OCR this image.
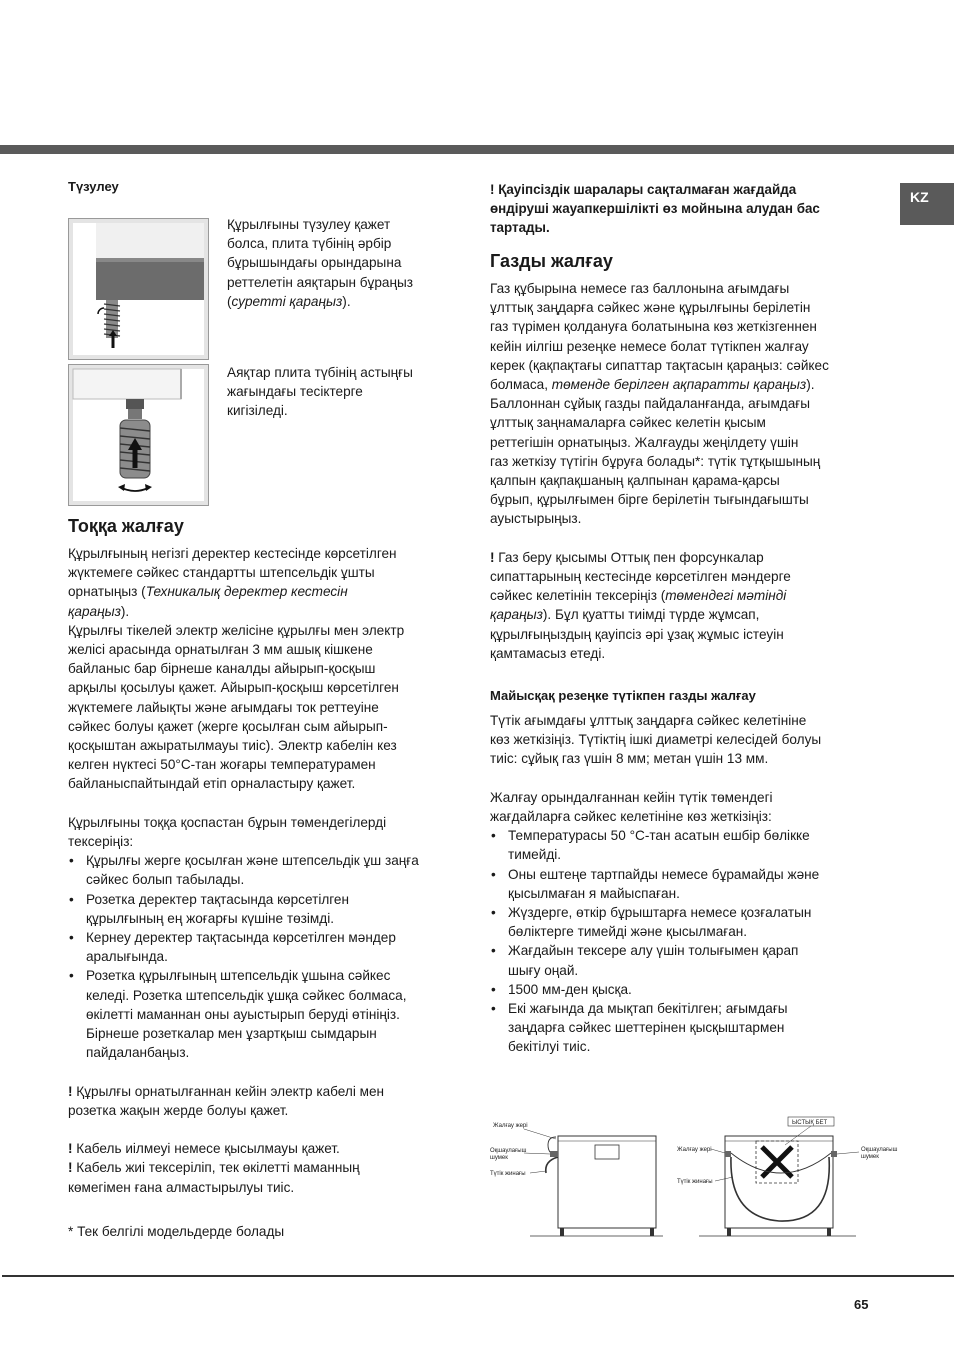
KZ
Түзулеу

Құрылғыны түзулеу қажет

болса, плита түбінің әрбір

бұрышындағы орындарына

реттелетін аяқтарын бұраңыз

(суретті қараңыз).

Аяқтар плита түбінің астыңғы

жағындағы тесіктерге

кигізіледі.

Тоққа жалғау

Құрылғының негізгі деректер кестесінде көрсетілген

жүктемеге сәйкес стандартты штепсельдік ұшты

орнатыңыз (Техникалық деректер кестесін

қараңыз).

Құрылғы тікелей электр желісіне құрылғы мен электр

желісі арасында орнатылған 3 мм ашық кішкене

байланыс бар бірнеше каналды айырып-қосқыш

арқылы қосылуы қажет. Айырып-қосқыш көрсетілген

жүктемеге лайықты және ағымдағы ток реттеуіне

сәйкес болуы қажет (жерге қосылған сым айырып-

қосқыштан ажыратылмауы тиіс). Электр кабелін кез

келген нүктесі 50°С-тан жоғары температурамен

байланыспайтындай етіп орналастыру қажет.

Құрылғыны тоққа қоспастан бұрын төмендегілерді

тексеріңіз:

• Құрылғы жерге қосылған және штепсельдік ұш заңға
сәйкес болып табылады.
• Розетка деректер тақтасында көрсетілген
құрылғының ең жоғарғы күшіне төзімді.
• Кернеу деректер тақтасында көрсетілген мәндер
аралығында.
• Розетка құрылғының штепсельдік ұшына сәйкес
келеді. Розетка штепсельдік ұшқа сәйкес болмаса,
өкілетті маманнан оны ауыстырып беруді өтініңіз.
Бірнеше розеткалар мен ұзартқыш сымдарын
пайдаланбаңыз.

! Құрылғы орнатылғаннан кейін электр кабелі мен

розетка жақын жерде болуы қажет.

! Кабель иілмеуі немесе қысылмауы қажет.

! Кабель жиі тексеріліп, тек өкілетті маманның

көмегімен ғана алмастырылуы тиіс.

* Тек белгілі модельдерде болады

! Қауіпсіздік шаралары сақталмаған жағдайда

өндіруші жауапкершілікті өз мойнына алудан бас

тартады.

Газды жалғау

Газ құбырына немесе газ баллонына ағымдағы

ұлттық заңдарға сәйкес және құрылғыны берілетін

газ түрімен қолдануға болатынына көз жеткізгеннен

кейін иілгіш резеңке немесе болат түтікпен жалғау

керек (қақпақтағы сипаттар тақтасын қараңыз: сәйкес

болмаса, төменде берілген ақпаратты қараңыз).

Баллоннан сұйық газды пайдаланғанда, ағымдағы

ұлттық заңнамаларға сәйкес келетін қысым

реттегішін орнатыңыз. Жалғауды жеңілдету үшін

газ жеткізу түтігін бұруға болады*: түтік тұтқышының

қалпын қақпақшаның қалпынан қарама-қарсы

бұрып, құрылғымен бірге берілетін тығындағышты

ауыстырыңыз.

! Газ беру қысымы Оттық пен форсункалар

сипаттарының кестесінде көрсетілген мәндерге

сәйкес келетінін тексеріңіз (төмендегі мәтінді

қараңыз). Бұл қуатты тиімді түрде жұмсап,

құрылғыңыздың қауіпсіз әрі ұзақ жұмыс істеуін

қамтамасыз етеді.

Майысқақ резеңке түтікпен газды жалғау

Түтік ағымдағы ұлттық заңдарға сәйкес келетініне

көз жеткізіңіз. Түтіктің ішкі диаметрі келесідей болуы

тиіс: сұйық газ үшін 8 мм; метан үшін 13 мм.

Жалғау орындалғаннан кейін түтік төмендегі

жағдайларға сәйкес келетініне көз жеткізіңіз:

• Температурасы 50 °C-тан асатын ешбір бөлікке
тимейді.
• Оны ештеңе тартпайды немесе бұрамайды және
қысылмаған я майыспаған.
• Жүздерге, өткір бұрыштарға немесе қозғалатын
бөліктерге тимейді және қысылмаған.
• Жағдайын тексере алу үшін толығымен қарап
шығу оңай.
• 1500 мм-ден қысқа.
• Екі жағында да мықтап бекітілген; ағымдағы
заңдарға сәйкес шеттерінен қысқыштармен
бекітілуі тиіс.
Жалғау жері
Оқшаулағыш
шумек
Түтік жинағы
ЫСТЫҚ БЕТ
Жалғау жері
Түтік жинағы
Оқшаулағыш
шумек
65
